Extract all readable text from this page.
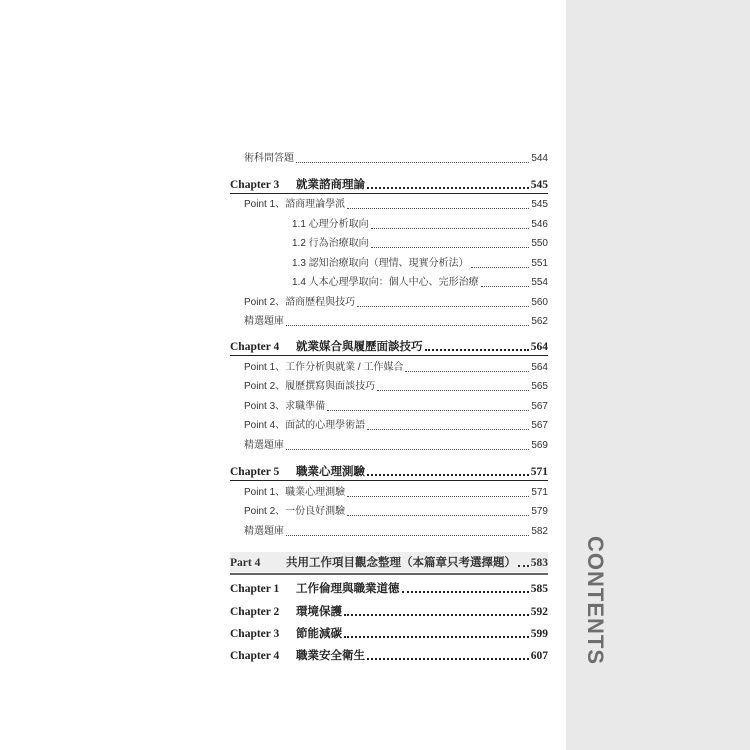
CONTENTS
術科問答題	544
Chapter 3 就業諮商理論	545
Point 1、諮商理論學派	545
1.1 心理分析取向	546
1.2 行為治療取向	550
1.3 認知治療取向（理情、現實分析法）	551
1.4 人本心理學取向：個人中心、完形治療	554
Point 2、諮商歷程與技巧	560
精選題庫	562
Chapter 4 就業媒合與履歷面談技巧	564
Point 1、工作分析與就業 / 工作媒合	564
Point 2、履歷撰寫與面談技巧	565
Point 3、求職準備	567
Point 4、面試的心理學術語	567
精選題庫	569
Chapter 5 職業心理測驗	571
Point 1、職業心理測驗	571
Point 2、一份良好測驗	579
精選題庫	582
Part 4 共用工作項目觀念整理（本篇章只考選擇題） 583
Chapter 1 工作倫理與職業道德	585
Chapter 2 環境保護	592
Chapter 3 節能減碳	599
Chapter 4 職業安全衛生	607
